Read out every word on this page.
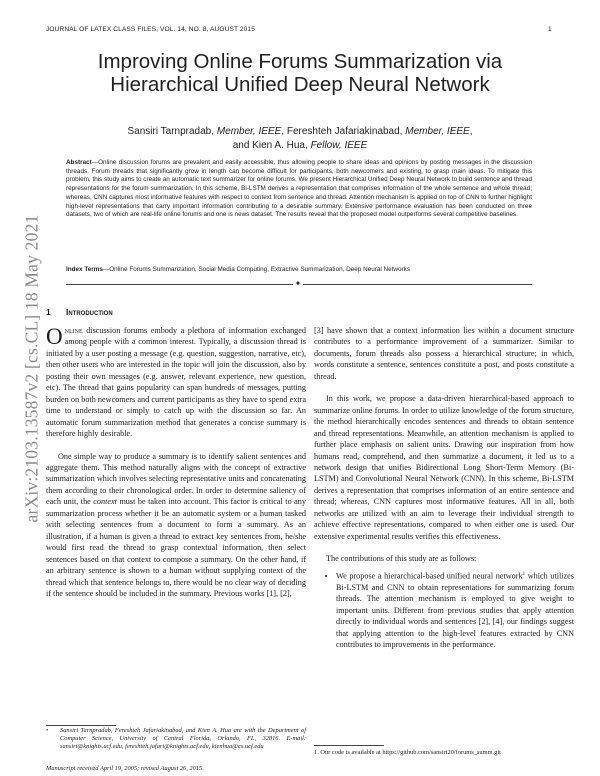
JOURNAL OF LATEX CLASS FILES, VOL. 14, NO. 8, AUGUST 2015	1
arXiv:2103.13587v2 [cs.CL] 18 May 2021
Improving Online Forums Summarization via
Hierarchical Unified Deep Neural Network
Sansiri Tarnpradab, Member, IEEE, Fereshteh Jafariakinabad, Member, IEEE,
and Kien A. Hua, Fellow, IEEE
Abstract—Online discussion forums are prevalent and easily accessible, thus allowing people to share ideas and opinions by posting messages in the discussion threads. Forum threads that significantly grow in length can become difficult for participants, both newcomers and existing, to grasp main ideas. To mitigate this problem, this study aims to create an automatic text summarizer for online forums. We present Hierarchical Unified Deep Neural Network to build sentence and thread representations for the forum summarization. In this scheme, Bi-LSTM derives a representation that comprises information of the whole sentence and whole thread; whereas, CNN captures most informative features with respect to context from sentence and thread. Attention mechanism is applied on top of CNN to further highlight high-level representations that carry important information contributing to a desirable summary. Extensive performance evaluation has been conducted on three datasets, two of which are real-life online forums and one is news dataset. The results reveal that the proposed model outperforms several competitive baselines.
Index Terms—Online Forums Summarization, Social Media Computing, Extractive Summarization, Deep Neural Networks
✦
1 Introduction

Online discussion forums embody a plethora of information exchanged among people with a common interest. Typically, a discussion thread is initiated by a user posting a message (e.g. question, suggestion, narrative, etc), then other users who are interested in the topic will join the discussion, also by posting their own messages (e.g. answer, relevant experience, new question, etc). The thread that gains popularity can span hundreds of messages, putting burden on both newcomers and current participants as they have to spend extra time to understand or simply to catch up with the discussion so far. An automatic forum summarization method that generates a concise summary is therefore highly desirable.

One simple way to produce a summary is to identify salient sentences and aggregate them. This method naturally aligns with the concept of extractive summarization which involves selecting representative units and concatenating them according to their chronological order. In order to determine saliency of each unit, the context must be taken into account. This factor is critical to any summarization process whether it be an automatic system or a human tasked with selecting sentences from a document to form a summary. As an illustration, if a human is given a thread to extract key sentences from, he/she would first read the thread to grasp contextual information, then select sentences based on that context to compose a summary. On the other hand, if an arbitrary sentence is shown to a human without supplying context of the thread which that sentence belongs to, there would be no clear way of deciding if the sentence should be included in the summary. Previous works [1], [2],

• Sansiri Tarnpradab, Fereshteh Jafariakinabad, and Kien A. Hua are with the Department of Computer Science, University of Central Florida, Orlando, FL, 32816. E-mail: sansiri@knights.ucf.edu, fereshteh.jafari@knights.ucf.edu, kienhua@cs.ucf.edu
Manuscript received April 19, 2005; revised August 26, 2015.

[3] have shown that a context information lies within a document structure contributes to a performance improvement of a summarizer. Similar to documents, forum threads also possess a hierarchical structure; in which, words constitute a sentence, sentences constitute a post, and posts constitute a thread.

In this work, we propose a data-driven hierarchical-based approach to summarize online forums. In order to utilize knowledge of the forum structure, the method hierarchically encodes sentences and threads to obtain sentence and thread representations. Meanwhile, an attention mechanism is applied to further place emphasis on salient units. Drawing our inspiration from how humans read, comprehend, and then summarize a document, it led us to a network design that unifies Bidirectional Long Short-Term Memory (Bi-LSTM) and Convolutional Neural Network (CNN). In this scheme, Bi-LSTM derives a representation that comprises information of an entire sentence and thread; whereas, CNN captures most informative features. All in all, both networks are utilized with an aim to leverage their individual strength to achieve effective representations, compared to when either one is used. Our extensive experimental results verifies this effectiveness.

The contributions of this study are as follows:

• We propose a hierarchical-based unified neural network$^1$ which utilizes Bi-LSTM and CNN to obtain representations for summarizing forum threads. The attention mechanism is employed to give weight to important units. Different from previous studies that apply attention directly to individual words and sentences [2], [4], our findings suggest that applying attention to the high-level features extracted by CNN contributes to improvements in the performance.
1. Our code is available at https://github.com/sansiri20/forums_summ.git
